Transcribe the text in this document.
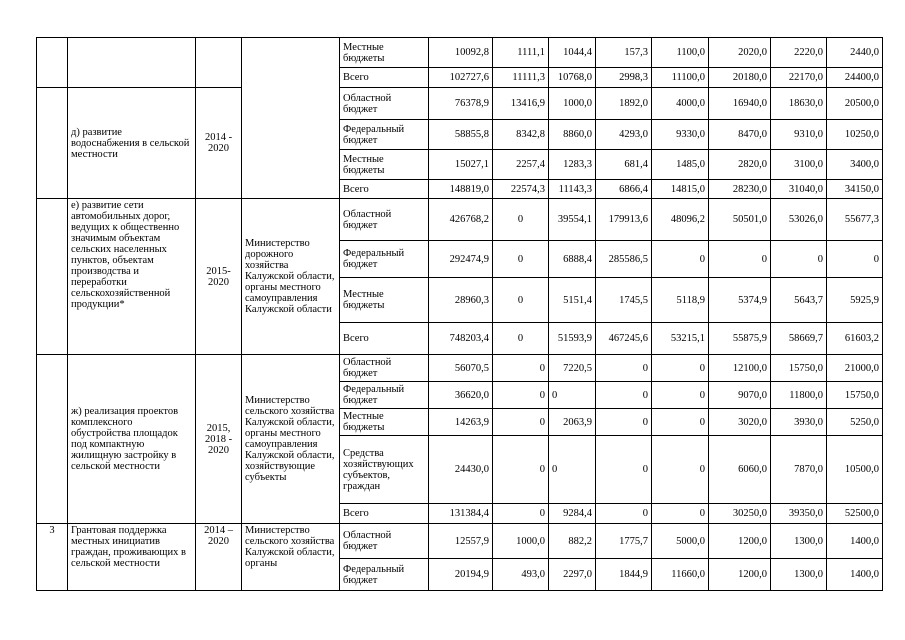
				Местные бюджеты	10092,8	1111,1	1044,4	157,3	1100,0	2020,0	2220,0	2440,0
				Всего	102727,6	11111,3	10768,0	2998,3	11100,0	20180,0	22170,0	24400,0
	д) развитие водоснабжения в сельской местности	2014 - 2020		Областной бюджет	76378,9	13416,9	1000,0	1892,0	4000,0	16940,0	18630,0	20500,0
				Федеральный бюджет	58855,8	8342,8	8860,0	4293,0	9330,0	8470,0	9310,0	10250,0
				Местные бюджеты	15027,1	2257,4	1283,3	681,4	1485,0	2820,0	3100,0	3400,0
				Всего	148819,0	22574,3	11143,3	6866,4	14815,0	28230,0	31040,0	34150,0
	е) развитие сети автомобильных дорог, ведущих к общественно значимым объектам сельских населенных пунктов, объектам производства и переработки сельскохозяйственной продукции*	2015-2020	Министерство дорожного хозяйства Калужской области, органы местного самоуправления Калужской области	Областной бюджет	426768,2	0	39554,1	179913,6	48096,2	50501,0	53026,0	55677,3
				Федеральный бюджет	292474,9	0	6888,4	285586,5	0	0	0	0
				Местные бюджеты	28960,3	0	5151,4	1745,5	5118,9	5374,9	5643,7	5925,9
				Всего	748203,4	0	51593,9	467245,6	53215,1	55875,9	58669,7	61603,2
	ж) реализация проектов комплексного обустройства площадок под компактную жилищную застройку в сельской местности	2015, 2018 - 2020	Министерство сельского хозяйства Калужской области, органы местного самоуправления Калужской области, хозяйствующие субъекты	Областной бюджет	56070,5	0	7220,5	0	0	12100,0	15750,0	21000,0
				Федеральный бюджет	36620,0	0	0	0	0	9070,0	11800,0	15750,0
				Местные бюджеты	14263,9	0	2063,9	0	0	3020,0	3930,0	5250,0
				Средства хозяйствующих субъектов, граждан	24430,0	0	0	0	0	6060,0	7870,0	10500,0
				Всего	131384,4	0	9284,4	0	0	30250,0	39350,0	52500,0
3	Грантовая поддержка местных инициатив граждан, проживающих в сельской местности	2014 – 2020	Министерство сельского хозяйства Калужской области, органы	Областной бюджет	12557,9	1000,0	882,2	1775,7	5000,0	1200,0	1300,0	1400,0
				Федеральный бюджет	20194,9	493,0	2297,0	1844,9	11660,0	1200,0	1300,0	1400,0
